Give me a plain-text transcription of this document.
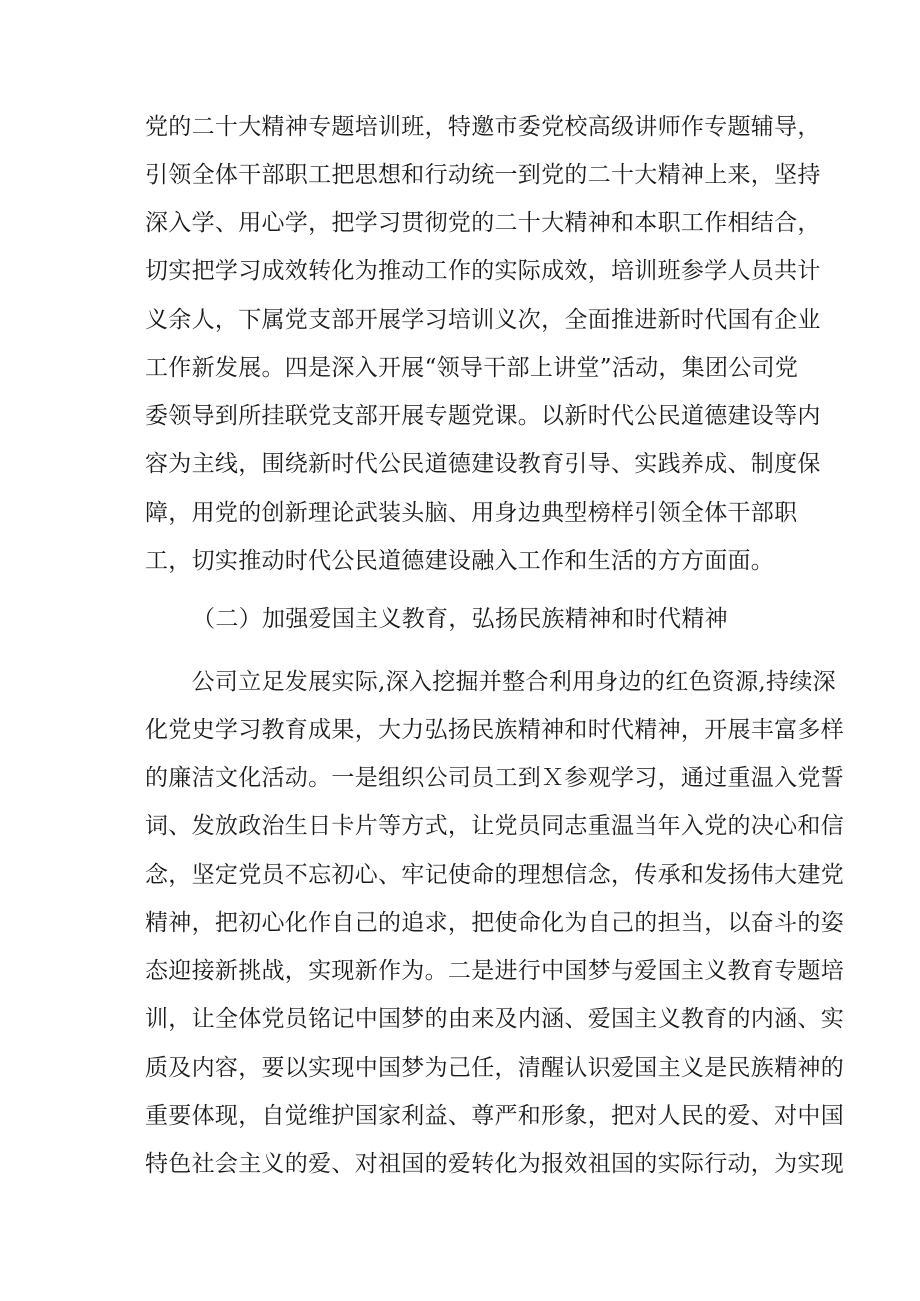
党的二十大精神专题培训班，特邀市委党校高级讲师作专题辅导，
引领全体干部职工把思想和行动统一到党的二十大精神上来，坚持
深入学、用心学，把学习贯彻党的二十大精神和本职工作相结合，
切实把学习成效转化为推动工作的实际成效，培训班参学人员共计
义余人，下属党支部开展学习培训义次，全面推进新时代国有企业
工作新发展。四是深入开展“领导干部上讲堂”活动，集团公司党
委领导到所挂联党支部开展专题党课。以新时代公民道德建设等内
容为主线，围绕新时代公民道德建设教育引导、实践养成、制度保
障，用党的创新理论武装头脑、用身边典型榜样引领全体干部职
工，切实推动时代公民道德建设融入工作和生活的方方面面。
（二）加强爱国主义教育，弘扬民族精神和时代精神
　　公司立足发展实际,深入挖掘并整合利用身边的红色资源,持续深
化党史学习教育成果，大力弘扬民族精神和时代精神，开展丰富多样
的廉洁文化活动。一是组织公司员工到Ｘ参观学习，通过重温入党誓
词、发放政治生日卡片等方式，让党员同志重温当年入党的决心和信
念，坚定党员不忘初心、牢记使命的理想信念，传承和发扬伟大建党
精神，把初心化作自己的追求，把使命化为自己的担当，以奋斗的姿
态迎接新挑战，实现新作为。二是进行中国梦与爱国主义教育专题培
训，让全体党员铭记中国梦的由来及内涵、爱国主义教育的内涵、实
质及内容，要以实现中国梦为己任，清醒认识爱国主义是民族精神的
重要体现，自觉维护国家利益、尊严和形象，把对人民的爱、对中国
特色社会主义的爱、对祖国的爱转化为报效祖国的实际行动，为实现
